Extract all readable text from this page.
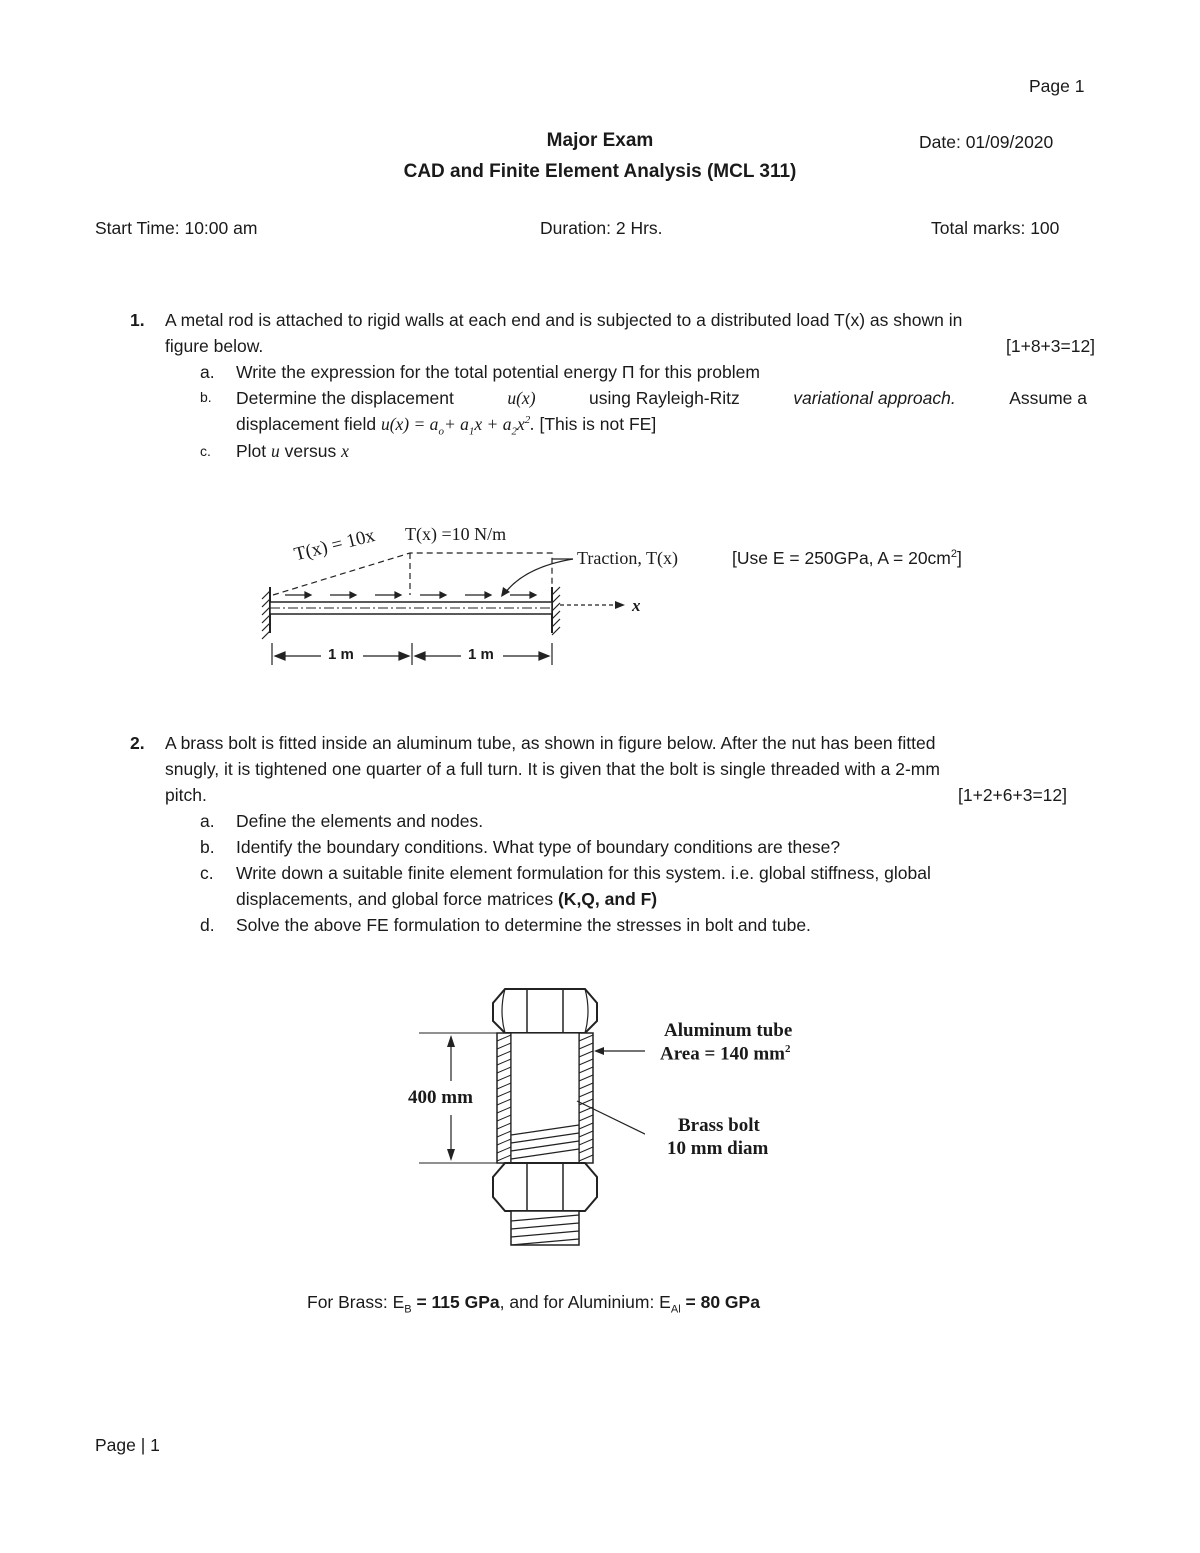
Page 1
Major Exam	Date: 01/09/2020
CAD and Finite Element Analysis (MCL 311)
Start Time: 10:00 am	Duration: 2 Hrs.	Total marks: 100
1. A metal rod is attached to rigid walls at each end and is subjected to a distributed load T(x) as shown in
figure below.	[1+8+3=12]
a. Write the expression for the total potential energy Π for this problem
b. Determine the displacement	u(x)	using Rayleigh-Ritz	variational approach.	Assume a
displacement field $u(x) = a_o+ a_1x + a_2x^2$. [This is not FE]
c. Plot u versus x
T(x) = 10x T(x) =10 N/m
Traction, T(x)
x
1 m	1 m
[Use E = 250GPa, $A = 20cm^2$]
2. A brass bolt is fitted inside an aluminum tube, as shown in figure below. After the nut has been fitted
snugly, it is tightened one quarter of a full turn. It is given that the bolt is single threaded with a 2-mm
pitch.	[1+2+6+3=12]
a. Define the elements and nodes.
b. Identify the boundary conditions. What type of boundary conditions are these?
c. Write down a suitable finite element formulation for this system. i.e. global stiffness, global
displacements, and global force matrices (K,Q, and F)
d. Solve the above FE formulation to determine the stresses in bolt and tube.
400 mm
Aluminum tube
Area = 140 $mm^2$
Brass bolt
10 mm diam
For Brass: $E_B = 115$ GPa, and for Aluminium: $E_{Al} = 80$ GPa
Page | 1
